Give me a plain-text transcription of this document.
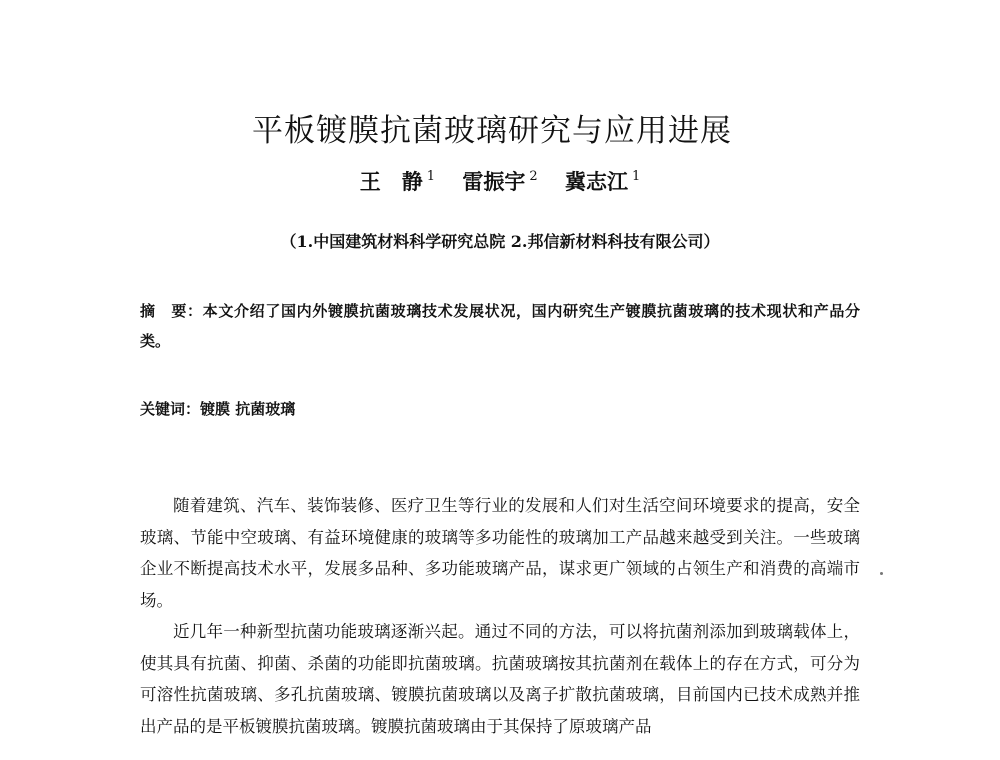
平板镀膜抗菌玻璃研究与应用进展
王　静 $^1$ 雷振宇 $^2$ 冀志江 $^1$
（1.中国建筑材料科学研究总院 2.邦信新材料科技有限公司）
摘　要：本文介绍了国内外镀膜抗菌玻璃技术发展状况，国内研究生产镀膜抗菌玻璃的技术现状和产品分类。
关键词：镀膜 抗菌玻璃

随着建筑、汽车、装饰装修、医疗卫生等行业的发展和人们对生活空间环境要求的提高，安全玻璃、节能中空玻璃、有益环境健康的玻璃等多功能性的玻璃加工产品越来越受到关注。一些玻璃企业不断提高技术水平，发展多品种、多功能玻璃产品，谋求更广领域的占领生产和消费的高端市场。

近几年一种新型抗菌功能玻璃逐渐兴起。通过不同的方法，可以将抗菌剂添加到玻璃载体上，使其具有抗菌、抑菌、杀菌的功能即抗菌玻璃。抗菌玻璃按其抗菌剂在载体上的存在方式，可分为可溶性抗菌玻璃、多孔抗菌玻璃、镀膜抗菌玻璃以及离子扩散抗菌玻璃，目前国内已技术成熟并推出产品的是平板镀膜抗菌玻璃。镀膜抗菌玻璃由于其保持了原玻璃产品
